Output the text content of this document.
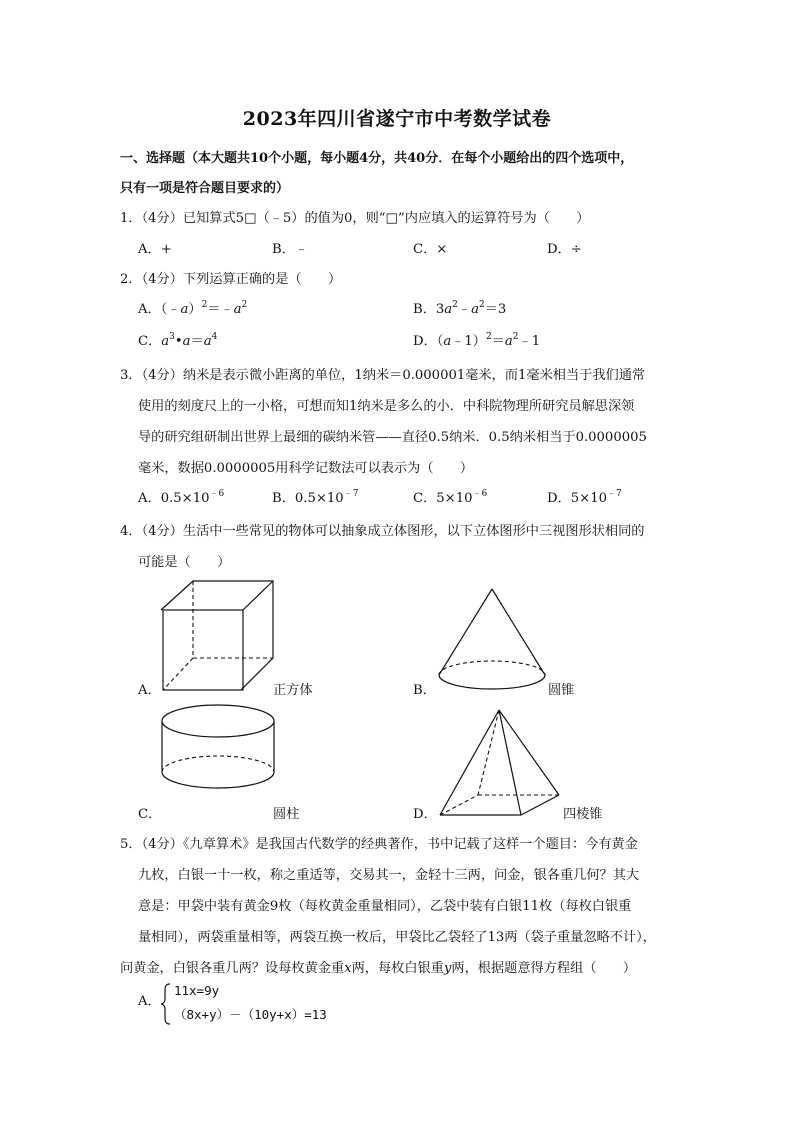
2023年四川省遂宁市中考数学试卷
一、选择题（本大题共10个小题，每小题4分，共40分．在每个小题给出的四个选项中，
只有一项是符合题目要求的）
1．（4分）已知算式5□（﹣5）的值为0，则“□”内应填入的运算符号为（　　）
A．+	B．﹣	C．×	D．÷
2．（4分）下列运算正确的是（　　）
A．$(﹣a)^2=﹣a^2$	B．$3a^2﹣a^2=3$
C．$a^3•a=a^4$	D．$(a﹣1)^2=a^2﹣1$
3．（4分）纳米是表示微小距离的单位，1纳米＝0.000001毫米，而1毫米相当于我们通常
使用的刻度尺上的一小格，可想而知1纳米是多么的小．中科院物理所研究员解思深领
导的研究组研制出世界上最细的碳纳米管——直径0.5纳米．0.5纳米相当于0.0000005
毫米，数据0.0000005用科学记数法可以表示为（　　）
A．$0.5\times 10^{﹣6}$	B．$0.5\times 10^{﹣7}$	C．$5\times 10^{﹣6}$	D．$5\times 10^{﹣7}$
4．（4分）生活中一些常见的物体可以抽象成立体图形，以下立体图形中三视图形状相同的
可能是（　　）
A．	正方体	B．	圆锥
C．	圆柱	D．	四棱锥
5．（4分）《九章算术》是我国古代数学的经典著作，书中记载了这样一个题目：今有黄金
九枚，白银一十一枚，称之重适等，交易其一，金轻十三两，问金，银各重几何？其大
意是：甲袋中装有黄金9枚（每枚黄金重量相同），乙袋中装有白银11枚（每枚白银重
量相同），两袋重量相等，两袋互换一枚后，甲袋比乙袋轻了13两（袋子重量忽略不计），
问黄金，白银各重几两？设每枚黄金重x两，每枚白银重y两，根据题意得方程组（　　）
A．
11x=9y
（8x+y）－（10y+x）=13
